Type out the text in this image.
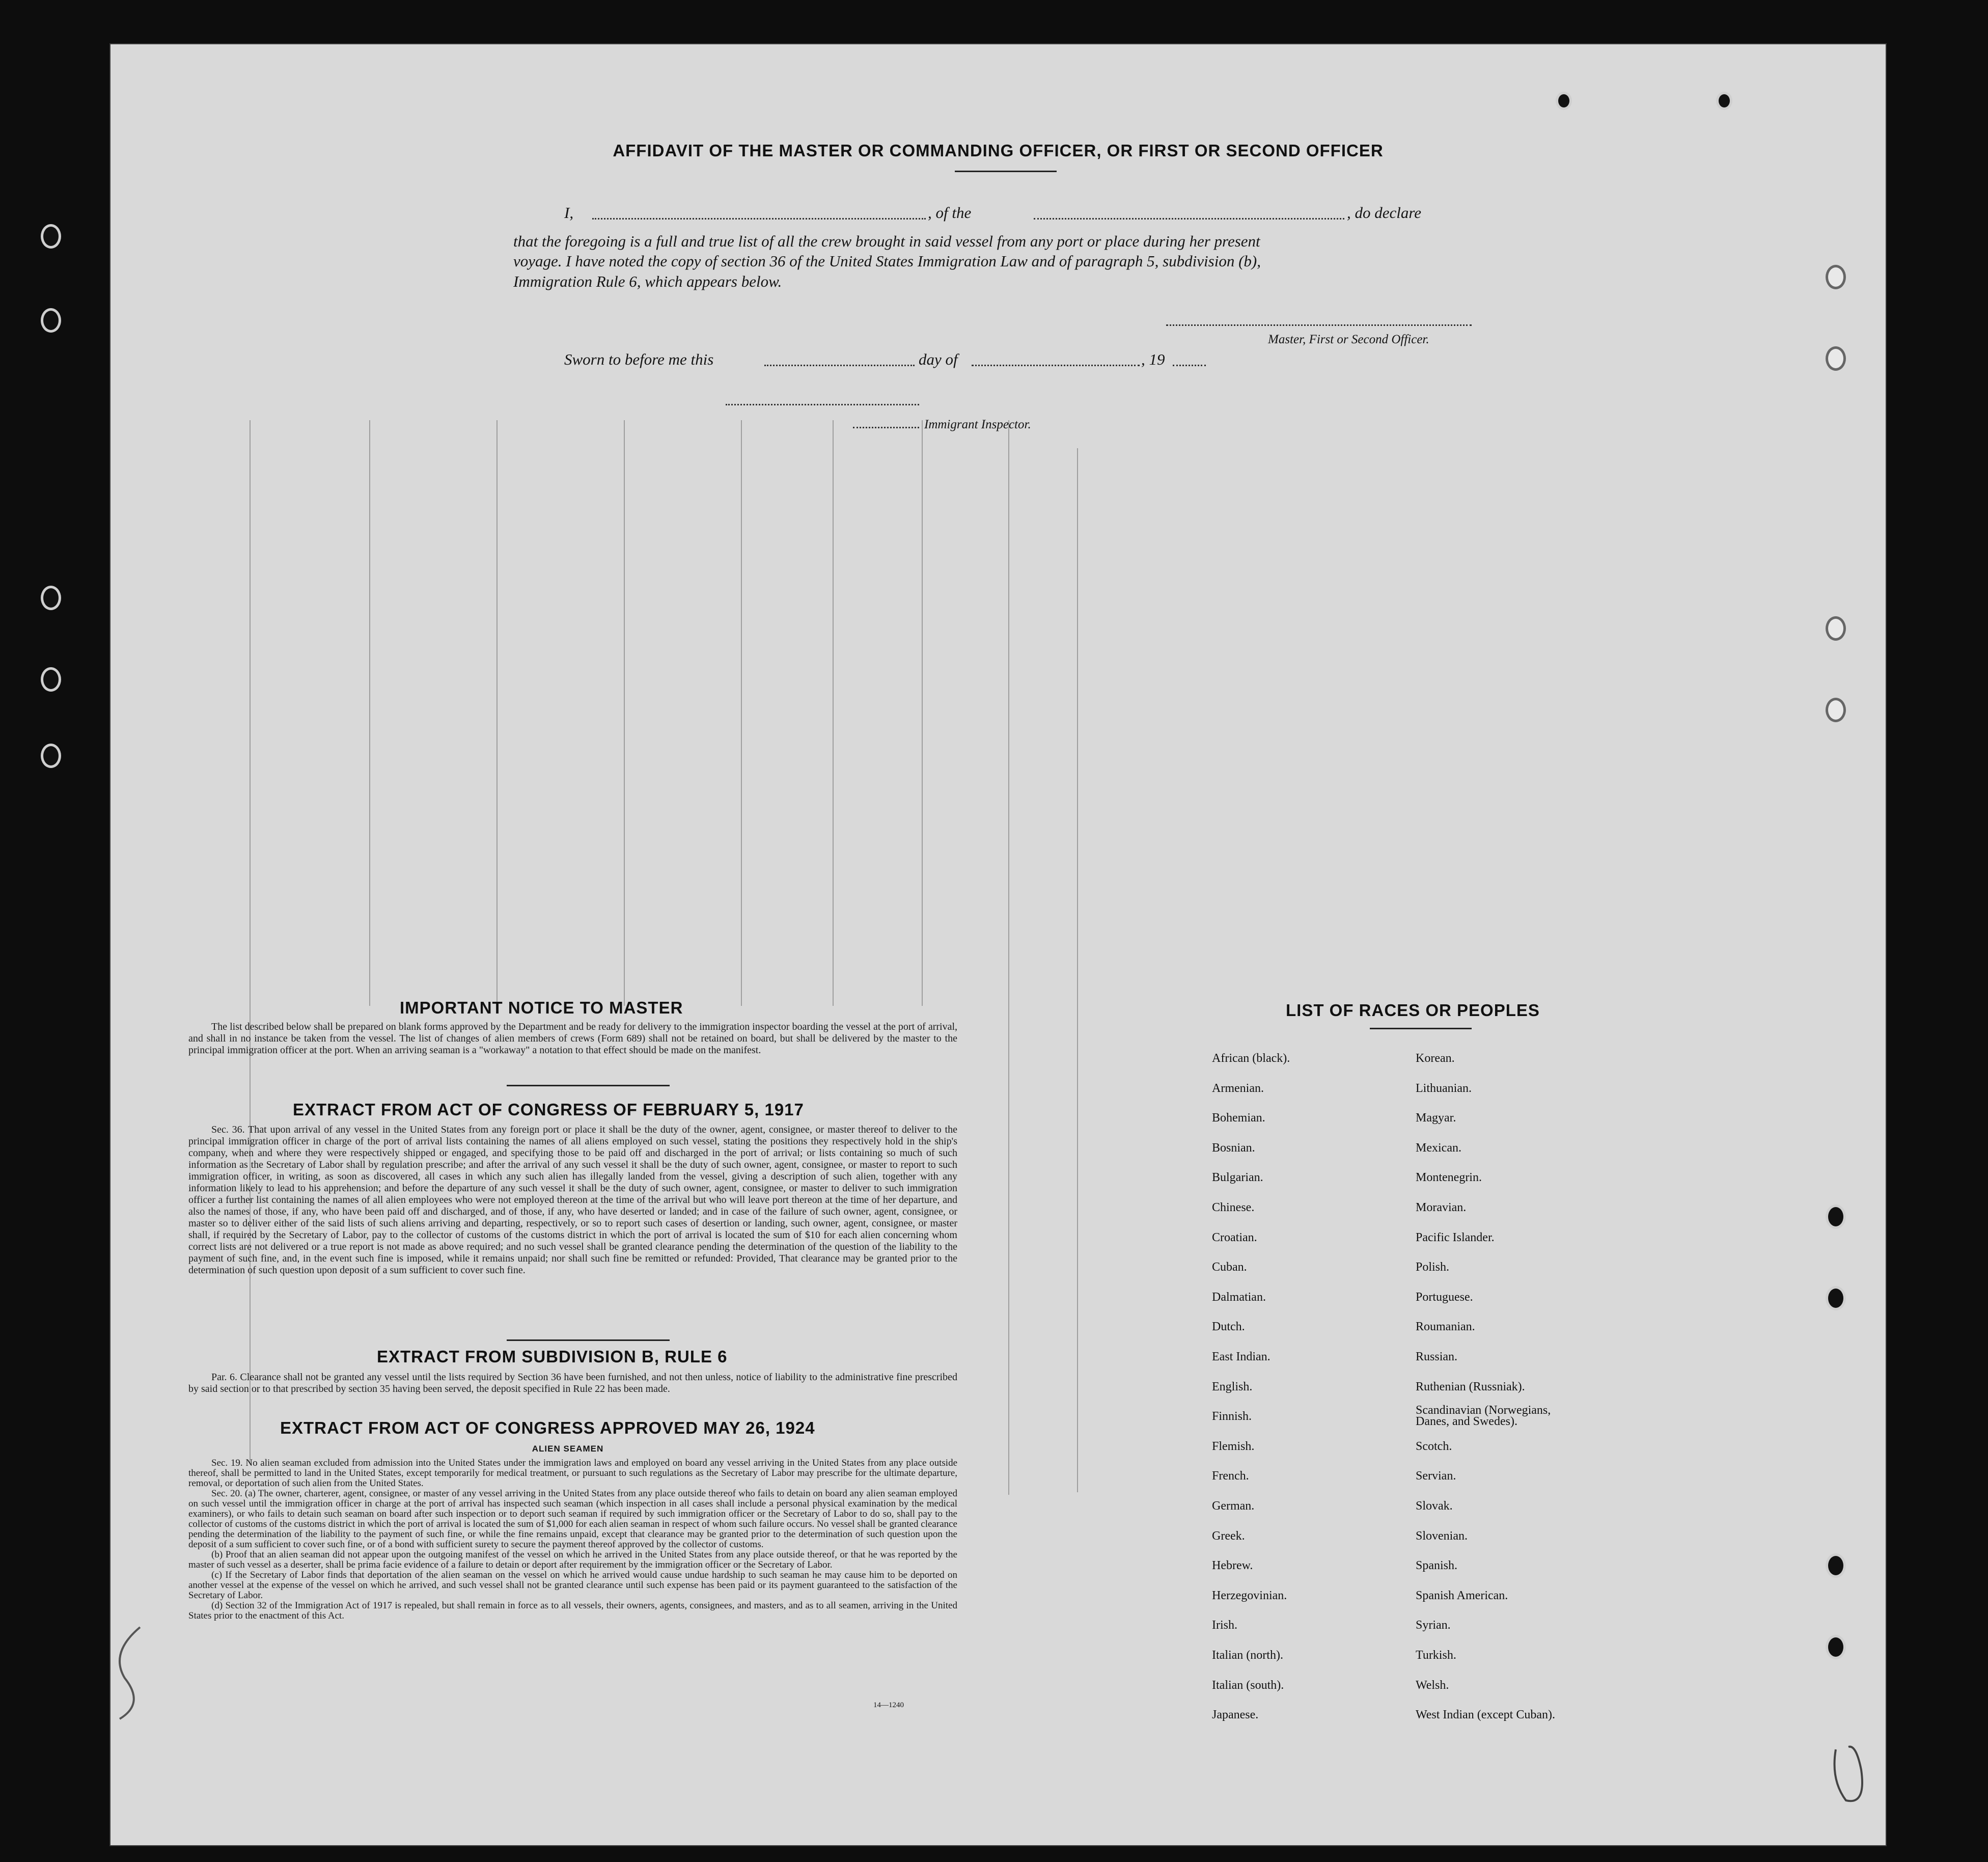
AFFIDAVIT OF THE MASTER OR COMMANDING OFFICER, OR FIRST OR SECOND OFFICER
I,	, of the	, do declare
that the foregoing is a full and true list of all the crew brought in said vessel from any port or place during her present
voyage. I have noted the copy of section 36 of the United States Immigration Law and of paragraph 5, subdivision (b),
Immigration Rule 6, which appears below.
Master, First or Second Officer.
Sworn to before me this	day of	, 19
Immigrant Inspector.
IMPORTANT NOTICE TO MASTER
The list described below shall be prepared on blank forms approved by the Department and be ready for delivery to the immigration inspector boarding the vessel at the port of arrival, and shall in no instance be taken from the vessel. The list of changes of alien members of crews (Form 689) shall not be retained on board, but shall be delivered by the master to the principal immigration officer at the port. When an arriving seaman is a "workaway" a notation to that effect should be made on the manifest.
EXTRACT FROM ACT OF CONGRESS OF FEBRUARY 5, 1917
Sec. 36. That upon arrival of any vessel in the United States from any foreign port or place it shall be the duty of the owner, agent, consignee, or master thereof to deliver to the principal immigration officer in charge of the port of arrival lists containing the names of all aliens employed on such vessel, stating the positions they respectively hold in the ship's company, when and where they were respectively shipped or engaged, and specifying those to be paid off and discharged in the port of arrival; or lists containing so much of such information as the Secretary of Labor shall by regulation prescribe; and after the arrival of any such vessel it shall be the duty of such owner, agent, consignee, or master to report to such immigration officer, in writing, as soon as discovered, all cases in which any such alien has illegally landed from the vessel, giving a description of such alien, together with any information likely to lead to his apprehension; and before the departure of any such vessel it shall be the duty of such owner, agent, consignee, or master to deliver to such immigration officer a further list containing the names of all alien employees who were not employed thereon at the time of the arrival but who will leave port thereon at the time of her departure, and also the names of those, if any, who have been paid off and discharged, and of those, if any, who have deserted or landed; and in case of the failure of such owner, agent, consignee, or master so to deliver either of the said lists of such aliens arriving and departing, respectively, or so to report such cases of desertion or landing, such owner, agent, consignee, or master shall, if required by the Secretary of Labor, pay to the collector of customs of the customs district in which the port of arrival is located the sum of $10 for each alien concerning whom correct lists are not delivered or a true report is not made as above required; and no such vessel shall be granted clearance pending the determination of the question of the liability to the payment of such fine, and, in the event such fine is imposed, while it remains unpaid; nor shall such fine be remitted or refunded: Provided, That clearance may be granted prior to the determination of such question upon deposit of a sum sufficient to cover such fine.
EXTRACT FROM SUBDIVISION B, RULE 6
Par. 6. Clearance shall not be granted any vessel until the lists required by Section 36 have been furnished, and not then unless, notice of liability to the administrative fine prescribed by said section or to that prescribed by section 35 having been served, the deposit specified in Rule 22 has been made.
EXTRACT FROM ACT OF CONGRESS APPROVED MAY 26, 1924
ALIEN SEAMEN

Sec. 19. No alien seaman excluded from admission into the United States under the immigration laws and employed on board any vessel arriving in the United States from any place outside thereof, shall be permitted to land in the United States, except temporarily for medical treatment, or pursuant to such regulations as the Secretary of Labor may prescribe for the ultimate departure, removal, or deportation of such alien from the United States.

Sec. 20. (a) The owner, charterer, agent, consignee, or master of any vessel arriving in the United States from any place outside thereof who fails to detain on board any alien seaman employed on such vessel until the immigration officer in charge at the port of arrival has inspected such seaman (which inspection in all cases shall include a personal physical examination by the medical examiners), or who fails to detain such seaman on board after such inspection or to deport such seaman if required by such immigration officer or the Secretary of Labor to do so, shall pay to the collector of customs of the customs district in which the port of arrival is located the sum of $1,000 for each alien seaman in respect of whom such failure occurs. No vessel shall be granted clearance pending the determination of the liability to the payment of such fine, or while the fine remains unpaid, except that clearance may be granted prior to the determination of such question upon the deposit of a sum sufficient to cover such fine, or of a bond with sufficient surety to secure the payment thereof approved by the collector of customs.

(b) Proof that an alien seaman did not appear upon the outgoing manifest of the vessel on which he arrived in the United States from any place outside thereof, or that he was reported by the master of such vessel as a deserter, shall be prima facie evidence of a failure to detain or deport after requirement by the immigration officer or the Secretary of Labor.

(c) If the Secretary of Labor finds that deportation of the alien seaman on the vessel on which he arrived would cause undue hardship to such seaman he may cause him to be deported on another vessel at the expense of the vessel on which he arrived, and such vessel shall not be granted clearance until such expense has been paid or its payment guaranteed to the satisfaction of the Secretary of Labor.

(d) Section 32 of the Immigration Act of 1917 is repealed, but shall remain in force as to all vessels, their owners, agents, consignees, and masters, and as to all seamen, arriving in the United States prior to the enactment of this Act.

14—1240
LIST OF RACES OR PEOPLES
African (black).
Armenian.
Bohemian.
Bosnian.
Bulgarian.
Chinese.
Croatian.
Cuban.
Dalmatian.
Dutch.
East Indian.
English.
Finnish.
Flemish.
French.
German.
Greek.
Hebrew.
Herzegovinian.
Irish.
Italian (north).
Italian (south).
Japanese.
Korean.
Lithuanian.
Magyar.
Mexican.
Montenegrin.
Moravian.
Pacific Islander.
Polish.
Portuguese.
Roumanian.
Russian.
Ruthenian (Russniak).
Scandinavian (Norwegians, Danes, and Swedes).
Scotch.
Servian.
Slovak.
Slovenian.
Spanish.
Spanish American.
Syrian.
Turkish.
Welsh.
West Indian (except Cuban).
